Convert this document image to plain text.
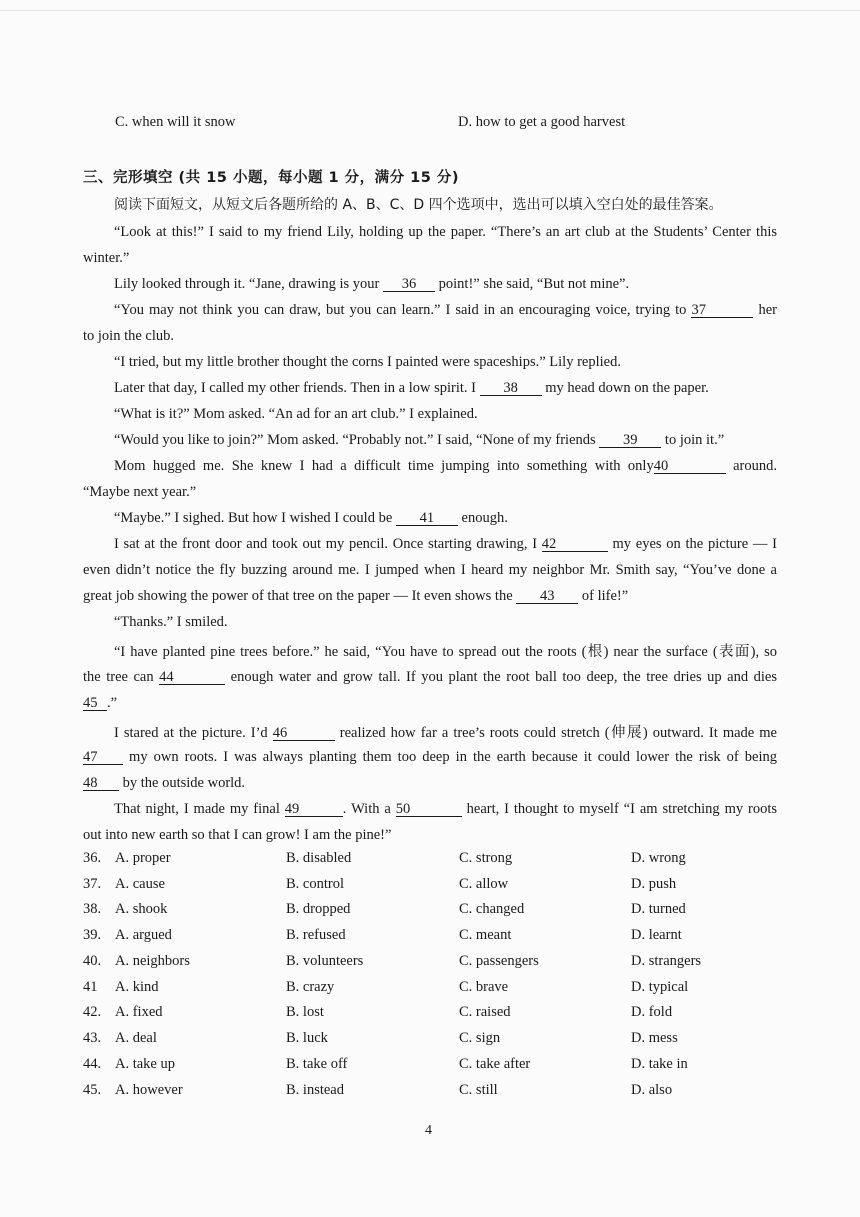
C. when will it snow	D. how to get a good harvest
三、完形填空 (共 15 小题，每小题 1 分，满分 15 分)
阅读下面短文，从短文后各题所给的 A、B、C、D 四个选项中，选出可以填入空白处的最佳答案。
“Look at this!” I said to my friend Lily, holding up the paper. “There’s an art club at the Students’ Center this
winter.”
Lily looked through it. “Jane, drawing is your 36 point!” she said, “But not mine”.
“You may not think you can draw, but you can learn.” I said in an encouraging voice, trying to 37	her
to join the club.
“I tried, but my little brother thought the corns I painted were spaceships.” Lily replied.
Later that day, I called my other friends. Then in a low spirit. I 38 my head down on the paper.
“What is it?” Mom asked. “An ad for an art club.” I explained.
“Would you like to join?” Mom asked. “Probably not.” I said, “None of my friends 39 to join it.”
Mom hugged me. She knew I had a difficult time jumping into something with only40	around.
“Maybe next year.”
“Maybe.” I sighed. But how I wished I could be 41 enough.
I sat at the front door and took out my pencil. Once starting drawing, I 42	my eyes on the picture — I
even didn’t notice the fly buzzing around me. I jumped when I heard my neighbor Mr. Smith say, “You’ve done a
great job showing the power of that tree on the paper — It even shows the 43 of life!”
“Thanks.” I smiled.
“I have planted pine trees before.” he said, “You have to spread out the roots (根) near the surface (表面), so
the tree can 44	enough water and grow tall. If you plant the root ball too deep, the tree dries up and dies
45 .”
I stared at the picture. I’d 46	realized how far a tree’s roots could stretch (伸展) outward. It made me
47 my own roots. I was always planting them too deep in the earth because it could lower the risk of being
48 by the outside world.
That night, I made my final 49	. With a 50	heart, I thought to myself “I am stretching my roots
out into new earth so that I can grow! I am the pine!”
36. A. proper	B. disabled	C. strong	D. wrong
37. A. cause	B. control	C. allow	D. push
38. A. shook	B. dropped	C. changed	D. turned
39. A. argued	B. refused	C. meant	D. learnt
40. A. neighbors	B. volunteers	C. passengers	D. strangers
41 A. kind	B. crazy	C. brave	D. typical
42. A. fixed	B. lost	C. raised	D. fold
43. A. deal	B. luck	C. sign	D. mess
44. A. take up	B. take off	C. take after	D. take in
45. A. however	B. instead	C. still	D. also
4
